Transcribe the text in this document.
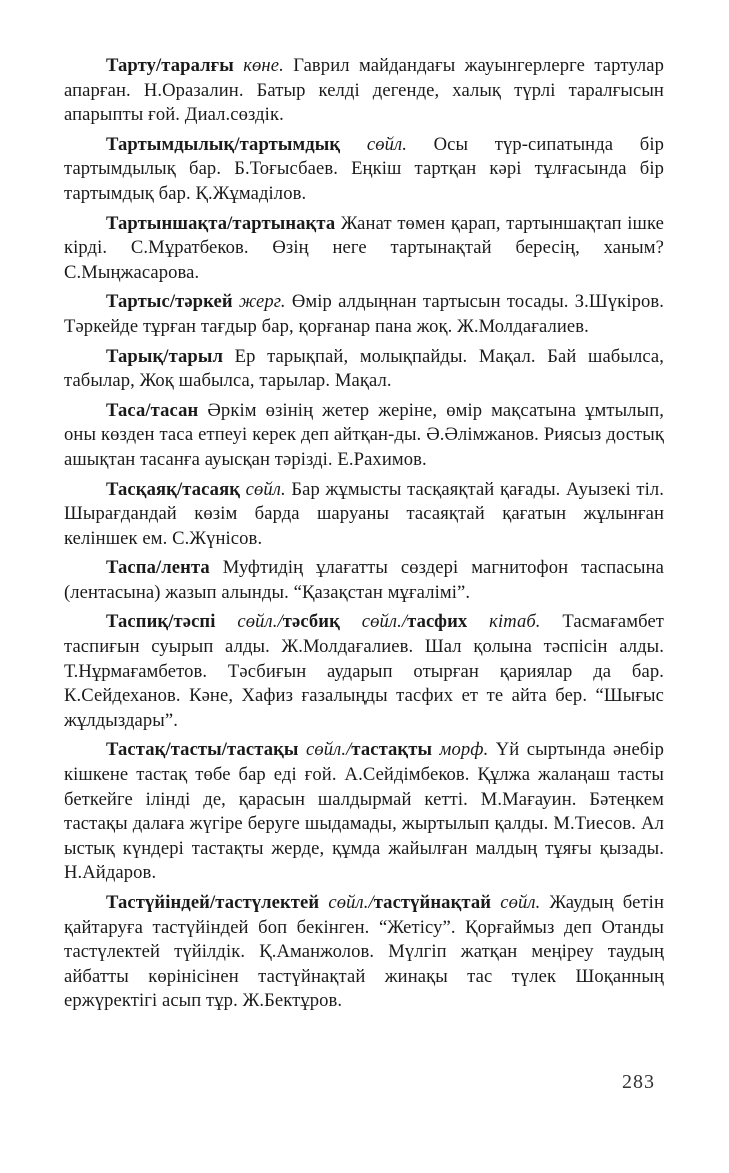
Тарту/таралғы көне. Гаврил майдандағы жауынгерлерге тартулар апарған. Н.Оразалин. Батыр келді дегенде, халық түрлі таралғысын апарыпты ғой. Диал.сөздік.

Тартымдылық/тартымдық сөйл. Осы түр-сипатында бір тартымдылық бар. Б.Тоғысбаев. Еңкіш тартқан кәрі тұлғасында бір тартымдық бар. Қ.Жұмаділов.

Тартыншақта/тартынақта Жанат төмен қарап, тартыншақтап ішке кірді. С.Мұратбеков. Өзің неге тартынақтай бересің, ханым? С.Мыңжасарова.

Тартыс/тәркей жерг. Өмір алдыңнан тартысын тосады. З.Шүкіров. Тәркейде тұрған тағдыр бар, қорғанар пана жоқ. Ж.Молдағалиев.

Тарық/тарыл Ер тарықпай, молықпайды. Мақал. Бай шабылса, табылар, Жоқ шабылса, тарылар. Мақал.

Таса/тасан Әркім өзінің жетер жеріне, өмір мақсатына ұмтылып, оны көзден таса етпеуі керек деп айтқан-ды. Ә.Әлімжанов. Риясыз достық ашықтан тасанға ауысқан тәрізді. Е.Рахимов.

Тасқаяқ/тасаяқ сөйл. Бар жұмысты тасқаяқтай қағады. Ауызекі тіл. Шырағдандай көзім барда шаруаны тасаяқтай қағатын жұлынған келіншек ем. С.Жүнісов.

Таспа/лента Муфтидің ұлағатты сөздері магнитофон таспасына (лентасына) жазып алынды. “Қазақстан мұғалімі”.

Таспиқ/тәспі сөйл./тәсбиқ сөйл./тасфих кітаб. Тасмағамбет таспиғын суырып алды. Ж.Молдағалиев. Шал қолына тәспісін алды. Т.Нұрмағамбетов. Тәсбиғын аударып отырған қариялар да бар. К.Сейдеханов. Кәне, Хафиз ғазалыңды тасфих ет те айта бер. “Шығыс жұлдыздары”.

Тастақ/тасты/тастақы сөйл./тастақты морф. Үй сыртында әнебір кішкене тастақ төбе бар еді ғой. А.Сейдімбеков. Құлжа жалаңаш тасты беткейге ілінді де, қарасын шалдырмай кетті. М.Мағауин. Бәтеңкем тастақы далаға жүгіре беруге шыдамады, жыртылып қалды. М.Тиесов. Ал ыстық күндері тастақты жерде, құмда жайылған малдың тұяғы қызады. Н.Айдаров.

Тастүйіндей/тастүлектей сөйл./тастүйнақтай сөйл. Жаудың бетін қайтаруға тастүйіндей боп бекінген. “Жетісу”. Қорғаймыз деп Отанды тастүлектей түйілдік. Қ.Аманжолов. Мүлгіп жатқан меңіреу таудың айбатты көрінісінен тастүйнақтай жинақы тас түлек Шоқанның ержүректігі асып тұр. Ж.Бектұров.

283
